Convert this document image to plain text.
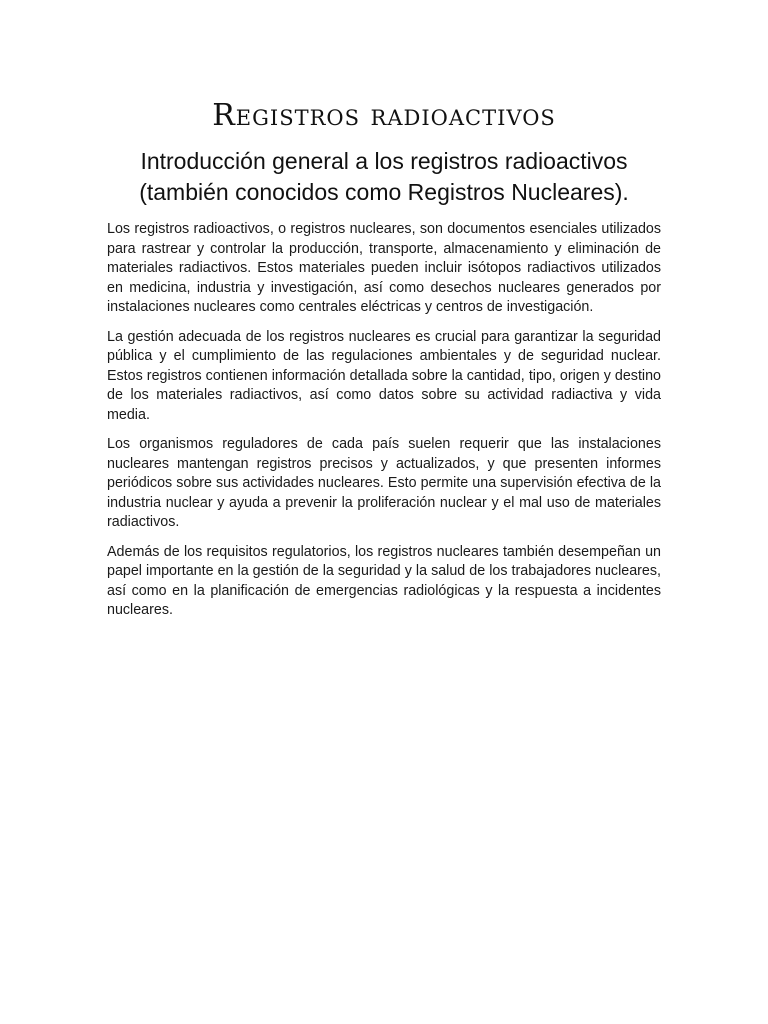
Registros radioactivos
Introducción general a los registros radioactivos (también conocidos como Registros Nucleares).

Los registros radioactivos, o registros nucleares, son documentos esenciales utilizados para rastrear y controlar la producción, transporte, almacenamiento y eliminación de materiales radiactivos. Estos materiales pueden incluir isótopos radiactivos utilizados en medicina, industria y investigación, así como desechos nucleares generados por instalaciones nucleares como centrales eléctricas y centros de investigación.

La gestión adecuada de los registros nucleares es crucial para garantizar la seguridad pública y el cumplimiento de las regulaciones ambientales y de seguridad nuclear. Estos registros contienen información detallada sobre la cantidad, tipo, origen y destino de los materiales radiactivos, así como datos sobre su actividad radiactiva y vida media.

Los organismos reguladores de cada país suelen requerir que las instalaciones nucleares mantengan registros precisos y actualizados, y que presenten informes periódicos sobre sus actividades nucleares. Esto permite una supervisión efectiva de la industria nuclear y ayuda a prevenir la proliferación nuclear y el mal uso de materiales radiactivos.

Además de los requisitos regulatorios, los registros nucleares también desempeñan un papel importante en la gestión de la seguridad y la salud de los trabajadores nucleares, así como en la planificación de emergencias radiológicas y la respuesta a incidentes nucleares.
